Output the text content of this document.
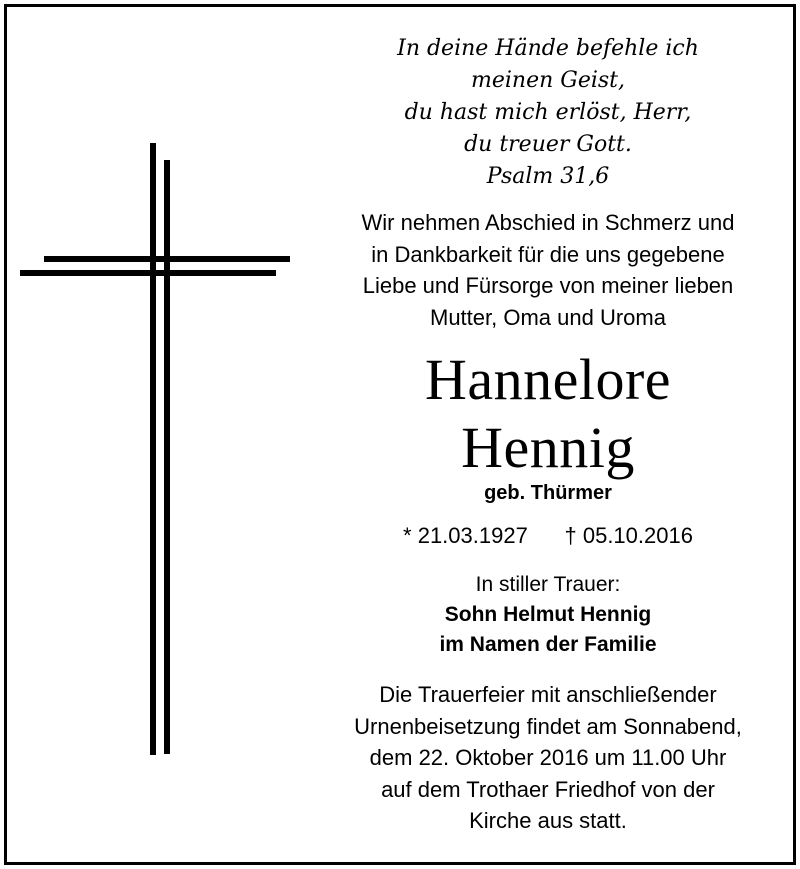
In deine Hände befehle ich
meinen Geist,
du hast mich erlöst, Herr,
du treuer Gott.
Psalm 31,6
Wir nehmen Abschied in Schmerz und
in Dankbarkeit für die uns gegebene
Liebe und Fürsorge von meiner lieben
Mutter, Oma und Uroma
Hannelore
Hennig
geb. Thürmer
* 21.03.1927 † 05.10.2016
In stiller Trauer:
Sohn Helmut Hennig
im Namen der Familie
Die Trauerfeier mit anschließender
Urnenbeisetzung findet am Sonnabend,
dem 22. Oktober 2016 um 11.00 Uhr
auf dem Trothaer Friedhof von der
Kirche aus statt.
